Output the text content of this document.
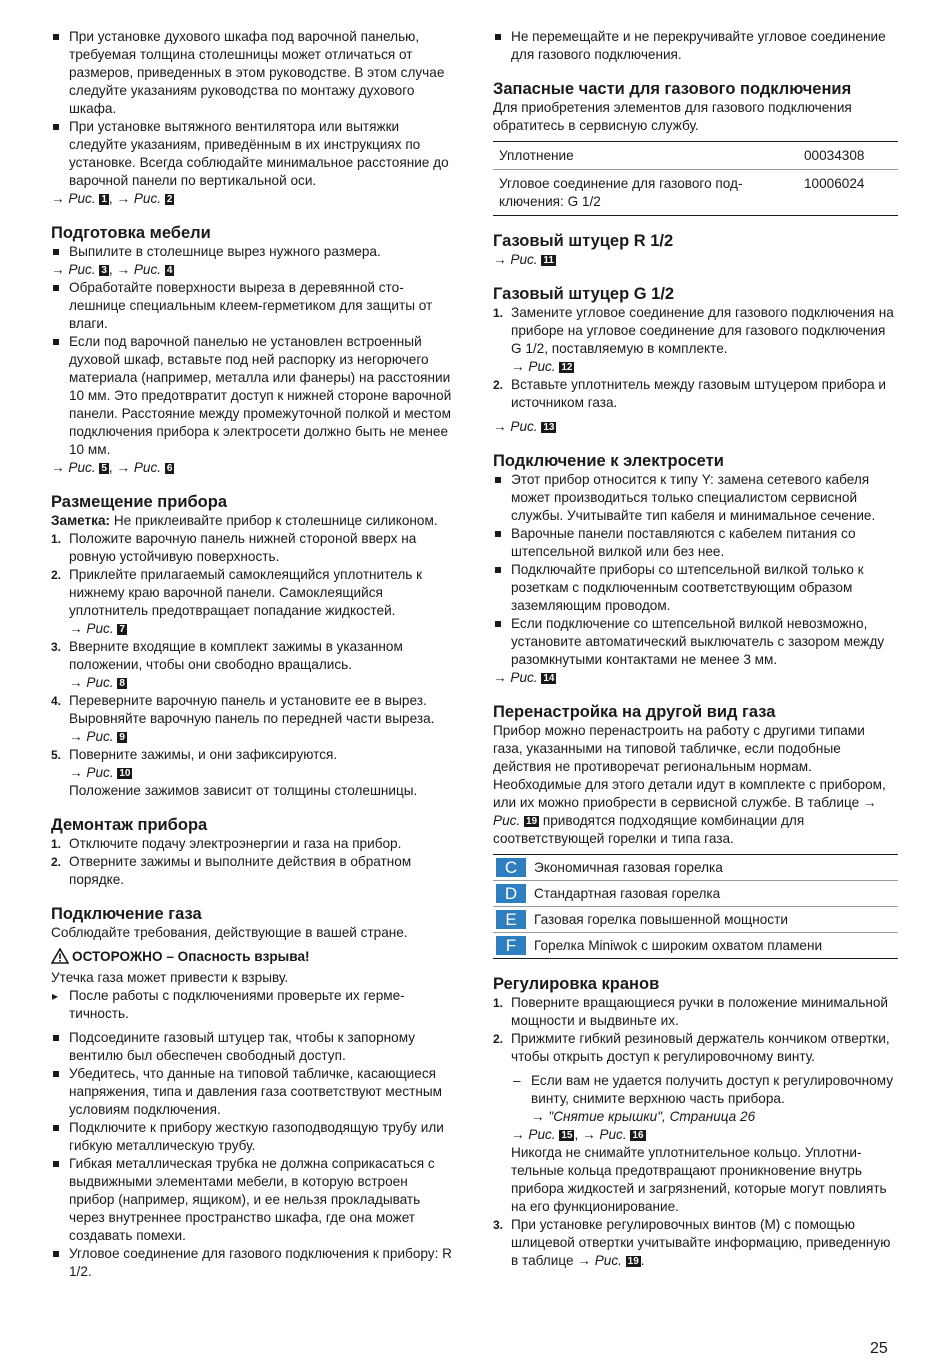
При установке духового шкафа под варочной панелью, требуемая толщина столешницы может отличаться от размеров, приведенных в этом руководстве. В этом случае следуйте указаниям руководства по монтажу духового шкафа.

При установке вытяжного вентилятора или вытяжки следуйте указаниям, приведённым в их инструкциях по установке. Всегда соблюдайте минимальное расстояние до варочной панели по вертикальной оси.

→ Рис. 1 , → Рис. 2

Подготовка мебели

Выпилите в столешнице вырез нужного размера.

→ Рис. 3 , → Рис. 4

Обработайте поверхности выреза в деревянной столешнице специальным клеем-герметиком для защиты от влаги.

Если под варочной панелью не установлен встроенный духовой шкаф, вставьте под ней распорку из негорючего материала (например, металла или фанеры) на расстоянии 10 мм. Это предотвратит доступ к нижней стороне варочной панели. Расстояние между промежуточной полкой и местом подключения прибора к электросети должно быть не менее 10 мм.

→ Рис. 5 , → Рис. 6

Размещение прибора

Заметка: Не приклеивайте прибор к столешнице силиконом.

1. Положите варочную панель нижней стороной вверх на ровную устойчивую поверхность.

2. Приклейте прилагаемый самоклеящийся уплотнитель к нижнему краю варочной панели. Самоклеящийся уплотнитель предотвращает попадание жидкостей.

→ Рис. 7

3. Вверните входящие в комплект зажимы в указанном положении, чтобы они свободно вращались.

→ Рис. 8

4. Переверните варочную панель и установите ее в вырез. Выровняйте варочную панель по передней части выреза.

→ Рис. 9

5. Поверните зажимы, и они зафиксируются.

→ Рис. 10

Положение зажимов зависит от толщины столешницы.

Демонтаж прибора

1. Отключите подачу электроэнергии и газа на прибор.

2. Отверните зажимы и выполните действия в обратном порядке.

Подключение газа

Соблюдайте требования, действующие в вашей стране.

ОСТОРОЖНО – Опасность взрыва!

Утечка газа может привести к взрыву.

▸ После работы с подключениями проверьте их герметичность.

Подсоедините газовый штуцер так, чтобы к запорному вентилю был обеспечен свободный доступ.

Убедитесь, что данные на типовой табличке, касающиеся напряжения, типа и давления газа соответствуют местным условиям подключения.

Подключите к прибору жесткую газоподводящую трубу или гибкую металлическую трубу.

Гибкая металлическая трубка не должна соприкасаться с выдвижными элементами мебели, в которую встроен прибор (например, ящиком), и ее нельзя прокладывать через внутреннее пространство шкафа, где она может создавать помехи.

Угловое соединение для газового подключения к прибору: R 1/2.

Не перемещайте и не перекручивайте угловое соединение для газового подключения.

Запасные части для газового подключения

Для приобретения элементов для газового подключения обратитесь в сервисную службу.

Уплотнение	00034308
Угловое соединение для газового подключения: G 1/2	10006024
Газовый штуцер R 1/2

→ Рис. 11

Газовый штуцер G 1/2

1. Замените угловое соединение для газового подключения на приборе на угловое соединение для газового подключения G 1/2, поставляемую в комплекте.

→ Рис. 12

2. Вставьте уплотнитель между газовым штуцером прибора и источником газа.

→ Рис. 13

Подключение к электросети

Этот прибор относится к типу Y: замена сетевого кабеля может производиться только специалистом сервисной службы. Учитывайте тип кабеля и минимальное сечение.

Варочные панели поставляются с кабелем питания со штепсельной вилкой или без нее.

Подключайте приборы со штепсельной вилкой только к розеткам с подключенным соответствующим образом заземляющим проводом.

Если подключение со штепсельной вилкой невозможно, установите автоматический выключатель с зазором между разомкнутыми контактами не менее 3 мм.

→ Рис. 14

Перенастройка на другой вид газа

Прибор можно перенастроить на работу с другими типами газа, указанными на типовой табличке, если подобные действия не противоречат региональным нормам. Необходимые для этого детали идут в комплекте с прибором, или их можно приобрести в сервисной службе. В таблице → Рис. 19 приводятся подходящие комбинации для соответствующей горелки и типа газа.

C	Экономичная газовая горелка
D	Стандартная газовая горелка
E	Газовая горелка повышенной мощности
F	Горелка Miniwok с широким охватом пламени
Регулировка кранов

1. Поверните вращающиеся ручки в положение минимальной мощности и выдвиньте их.

2. Прижмите гибкий резиновый держатель кончиком отвертки, чтобы открыть доступ к регулировочному винту.

– Если вам не удается получить доступ к регулировочному винту, снимите верхнюю часть прибора.
→ "Снятие крышки", Страница 26

→ Рис. 15 , → Рис. 16

Никогда не снимайте уплотнительное кольцо. Уплотнительные кольца предотвращают проникновение внутрь прибора жидкостей и загрязнений, которые могут повлиять на его функционирование.

3. При установке регулировочных винтов (M) с помощью шлицевой отвертки учитывайте информацию, приведенную в таблице → Рис. 19 .

25
